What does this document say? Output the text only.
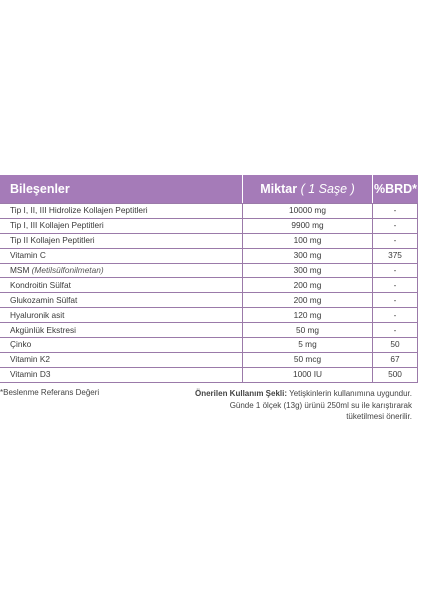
Bileşenler	Miktar ( 1 Saşe )	%BRD*
Tip I, II, III Hidrolize Kollajen Peptitleri	10000 mg	-
Tip I, III Kollajen Peptitleri	9900 mg	-
Tip II Kollajen Peptitleri	100 mg	-
Vitamin C	300 mg	375
MSM (Metilsülfonilmetan)	300 mg	-
Kondroitin Sülfat	200 mg	-
Glukozamin Sülfat	200 mg	-
Hyaluronik asit	120 mg	-
Akgünlük Ekstresi	50 mg	-
Çinko	5 mg	50
Vitamin K2	50 mcg	67
Vitamin D3	1000 IU	500
*Beslenme Referans Değeri	Önerilen Kullanım Şekli: Yetişkinlerin kullanımına uygundur.
Günde 1 ölçek (13g) ürünü 250ml su ile karıştırarak
tüketilmesi önerilir.
